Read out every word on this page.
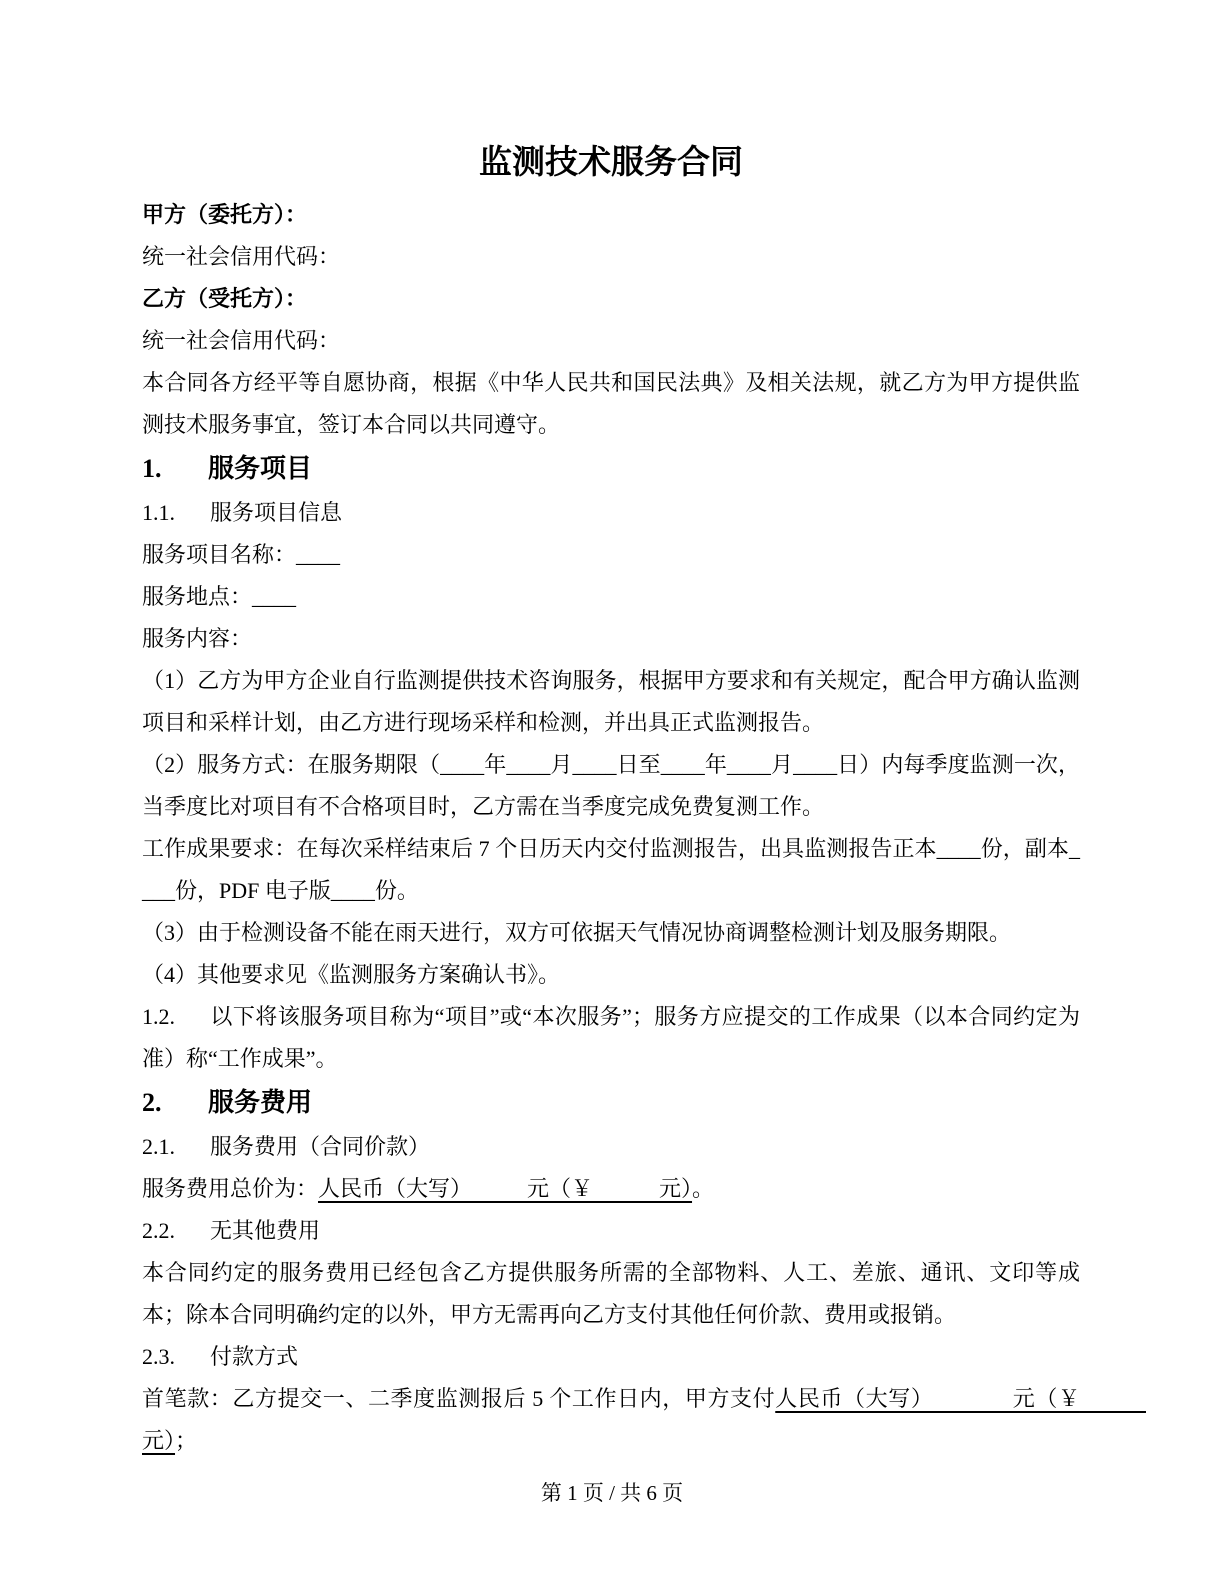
监测技术服务合同

甲方（委托方）：

统一社会信用代码：

乙方（受托方）：

统一社会信用代码：

本合同各方经平等自愿协商，根据《中华人民共和国民法典》及相关法规，就乙方为甲方提供监测技术服务事宜，签订本合同以共同遵守。

1. 服务项目

1.1. 服务项目信息

服务项目名称：____

服务地点：____

服务内容：

（1）乙方为甲方企业自行监测提供技术咨询服务，根据甲方要求和有关规定，配合甲方确认监测项目和采样计划，由乙方进行现场采样和检测，并出具正式监测报告。

（2）服务方式：在服务期限（____年____月____日至____年____月____日）内每季度监测一次，当季度比对项目有不合格项目时，乙方需在当季度完成免费复测工作。

工作成果要求：在每次采样结束后 7 个日历天内交付监测报告，出具监测报告正本____份，副本____份，PDF 电子版____份。

（3）由于检测设备不能在雨天进行，双方可依据天气情况协商调整检测计划及服务期限。

（4）其他要求见《监测服务方案确认书》。

1.2. 以下将该服务项目称为“项目”或“本次服务”；服务方应提交的工作成果（以本合同约定为准）称“工作成果”。

2. 服务费用

2.1. 服务费用（合同价款）

服务费用总价为：人民币（大写）　　　元（￥　　　元）。

2.2. 无其他费用

本合同约定的服务费用已经包含乙方提供服务所需的全部物料、人工、差旅、通讯、文印等成本；除本合同明确约定的以外，甲方无需再向乙方支付其他任何价款、费用或报销。

2.3. 付款方式

首笔款：乙方提交一、二季度监测报后 5 个工作日内，甲方支付人民币（大写）　　　　元（￥　　　元）；

第 1 页 / 共 6 页
